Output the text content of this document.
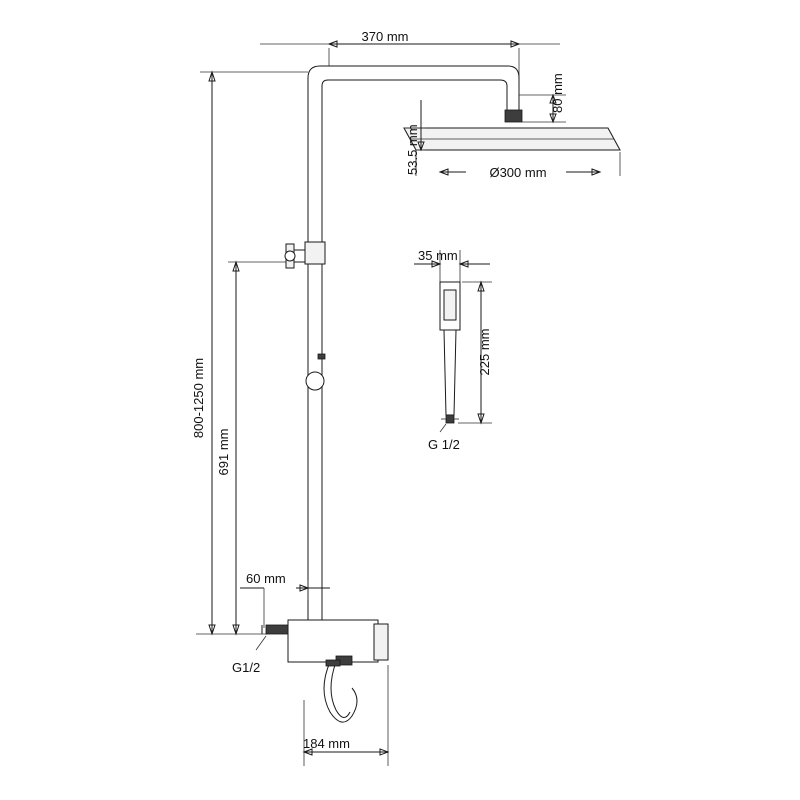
370 mm
80 mm
53.5 mm	Ø300 mm
800-1250 mm
691 mm
60 mm
184 mm
G1/2
35 mm
225 mm
G 1/2
